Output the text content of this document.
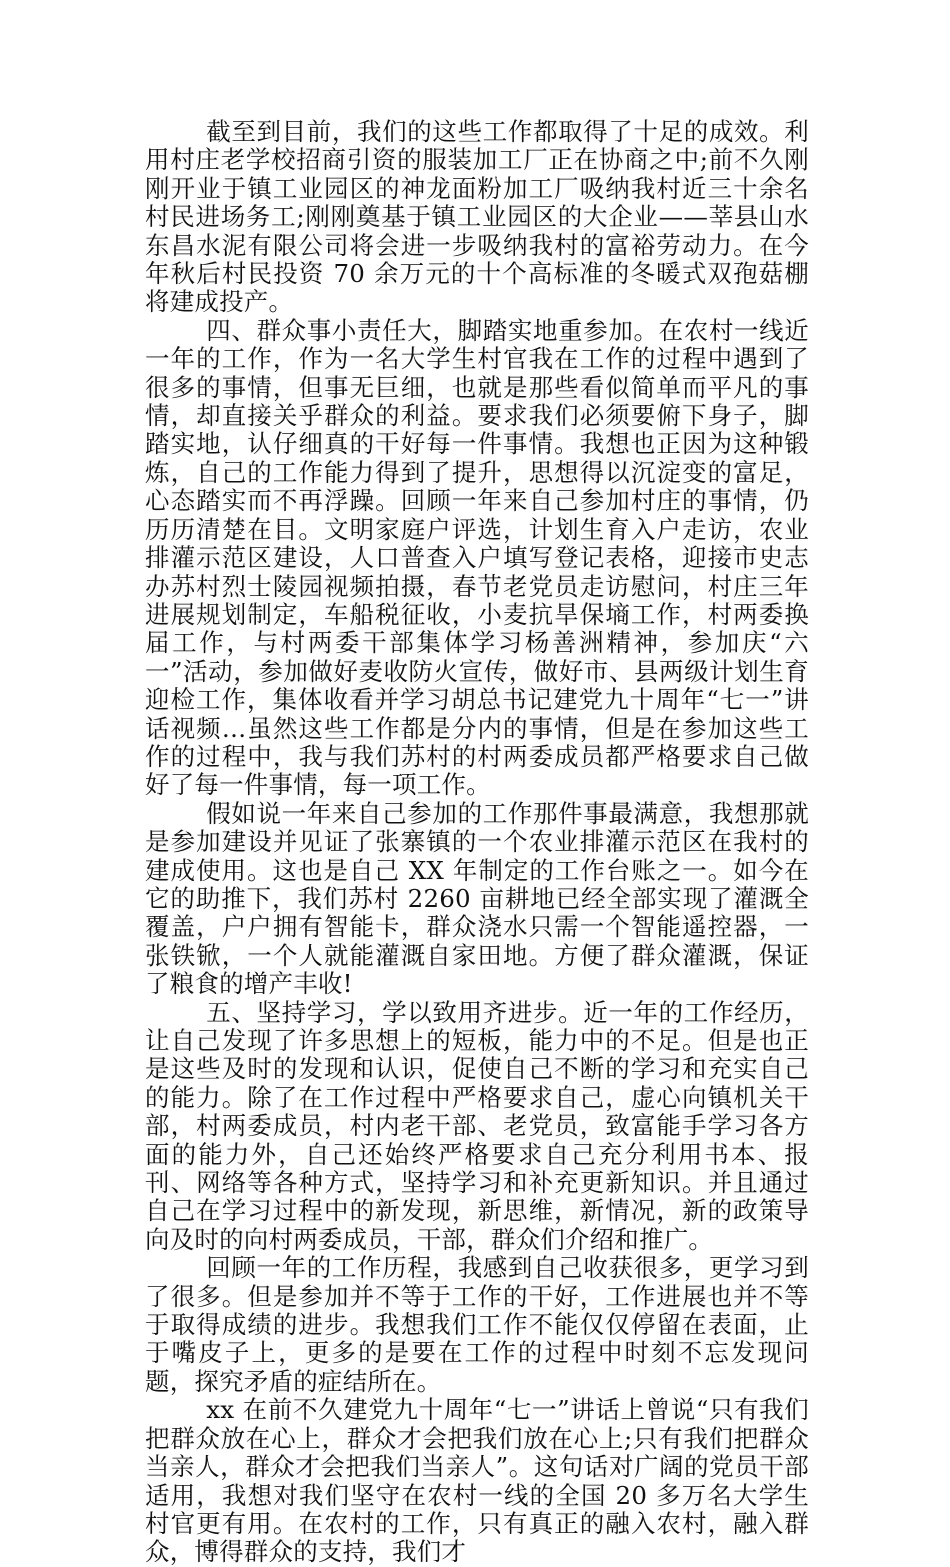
截至到目前，我们的这些工作都取得了十足的成效。利用村庄老学校招商引资的服装加工厂正在协商之中;前不久刚刚开业于镇工业园区的神龙面粉加工厂吸纳我村近三十余名村民进场务工;刚刚奠基于镇工业园区的大企业——莘县山水东昌水泥有限公司将会进一步吸纳我村的富裕劳动力。在今年秋后村民投资 70 余万元的十个高标准的冬暖式双孢菇棚将建成投产。

四、群众事小责任大，脚踏实地重参加。在农村一线近一年的工作，作为一名大学生村官我在工作的过程中遇到了很多的事情，但事无巨细，也就是那些看似简单而平凡的事情，却直接关乎群众的利益。要求我们必须要俯下身子，脚踏实地，认仔细真的干好每一件事情。我想也正因为这种锻炼，自己的工作能力得到了提升，思想得以沉淀变的富足，心态踏实而不再浮躁。回顾一年来自己参加村庄的事情，仍历历清楚在目。文明家庭户评选，计划生育入户走访，农业排灌示范区建设，人口普查入户填写登记表格，迎接市史志办苏村烈士陵园视频拍摄，春节老党员走访慰问，村庄三年进展规划制定，车船税征收，小麦抗旱保墒工作，村两委换届工作，与村两委干部集体学习杨善洲精神，参加庆“六一”活动，参加做好麦收防火宣传，做好市、县两级计划生育迎检工作，集体收看并学习胡总书记建党九十周年“七一”讲话视频…虽然这些工作都是分内的事情，但是在参加这些工作的过程中，我与我们苏村的村两委成员都严格要求自己做好了每一件事情，每一项工作。

假如说一年来自己参加的工作那件事最满意，我想那就是参加建设并见证了张寨镇的一个农业排灌示范区在我村的建成使用。这也是自己 XX 年制定的工作台账之一。如今在它的助推下，我们苏村 2260 亩耕地已经全部实现了灌溉全覆盖，户户拥有智能卡，群众浇水只需一个智能遥控器，一张铁锨，一个人就能灌溉自家田地。方便了群众灌溉，保证了粮食的增产丰收!

五、坚持学习，学以致用齐进步。近一年的工作经历，让自己发现了许多思想上的短板，能力中的不足。但是也正是这些及时的发现和认识，促使自己不断的学习和充实自己的能力。除了在工作过程中严格要求自己，虚心向镇机关干部，村两委成员，村内老干部、老党员，致富能手学习各方面的能力外，自己还始终严格要求自己充分利用书本、报刊、网络等各种方式，坚持学习和补充更新知识。并且通过自己在学习过程中的新发现，新思维，新情况，新的政策导向及时的向村两委成员，干部，群众们介绍和推广。

回顾一年的工作历程，我感到自己收获很多，更学习到了很多。但是参加并不等于工作的干好，工作进展也并不等于取得成绩的进步。我想我们工作不能仅仅停留在表面，止于嘴皮子上，更多的是要在工作的过程中时刻不忘发现问题，探究矛盾的症结所在。

xx 在前不久建党九十周年“七一”讲话上曾说“只有我们把群众放在心上，群众才会把我们放在心上;只有我们把群众当亲人，群众才会把我们当亲人”。这句话对广阔的党员干部适用，我想对我们坚守在农村一线的全国 20 多万名大学生村官更有用。在农村的工作，只有真正的融入农村，融入群众，博得群众的支持，我们才
